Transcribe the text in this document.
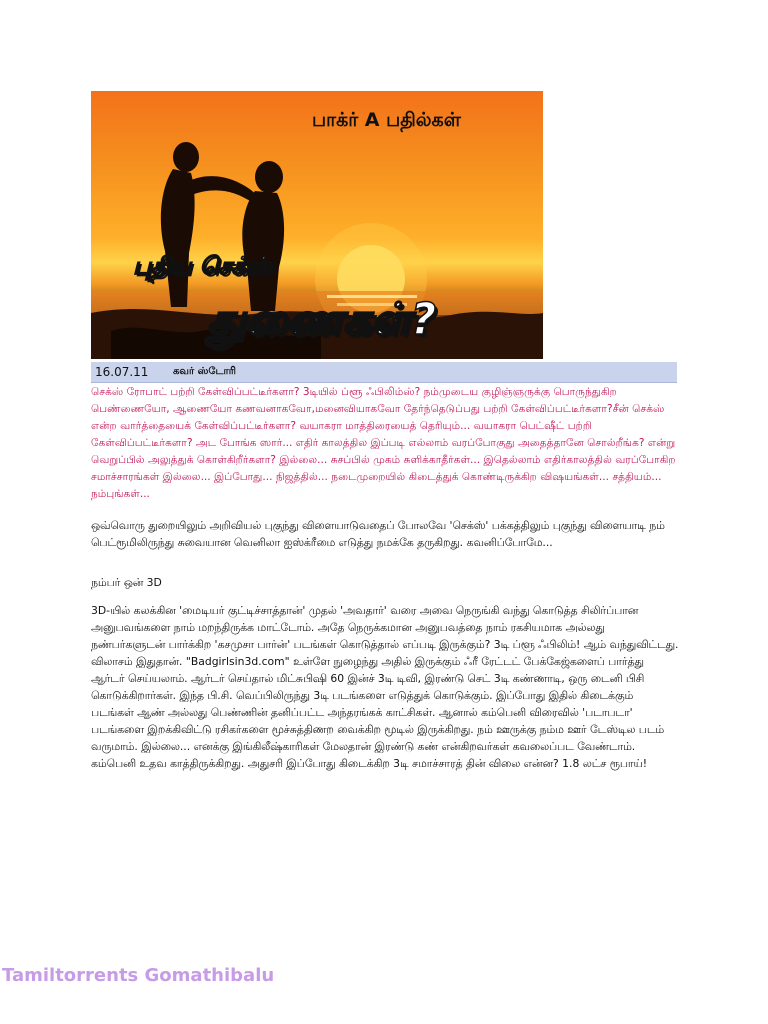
பாக்ர் A பதில்கள்
புதிய செக்ஸ்
துணைகள்?
16.07.11 கவர் ஸ்டோரி
செக்ஸ் ரோபாட் பற்றி கேள்விப்பட்டீர்களா? 3டியில் ப்ளூ ஃபிலிம்ஸ்? நம்முடைய குழிஞ்ஞருக்கு பொருந்துகிற பெண்ணையோ, ஆணையோ கணவனாகவோ,மனைவியாகவோ தேர்ந்தெடுப்பது பற்றி கேள்விப்பட்டீர்களா?சீன் செக்ஸ் என்ற வார்த்தையைக் கேள்விப்பட்டீர்களா? வயாகரா மாத்திரையைத் தெரியும்... வயாகரா பெட்ஷீட் பற்றி கேள்விப்பட்டீர்களா? அட போங்க ஸார்... எதிர் காலத்தில இப்படி எல்லாம் வரப்போகுது அதைத்தானே சொல்றீங்க? என்று வெறுப்பில் அலுத்துக் கொள்கிறீர்களா? இல்லை... சுசப்பில் முகம் சுளிக்காதீர்கள்... இதெல்லாம் எதிர்காலத்தில் வரப்போகிற சமாச்சாரங்கள் இல்லை... இப்போது... நிஜத்தில்... நடைமுறையில் கிடைத்துக் கொண்டிருக்கிற விஷயங்கள்... சத்தியம்... நம்புங்கள்...
ஒவ்வொரு துறையிலும் அறிவியல் புகுந்து விளையாடுவதைப் போலவே 'செக்ஸ்' பக்கத்திலும் புகுந்து விளையாடி நம் பெட்ரூமிலிருந்து சுவையான வெனிலா ஐஸ்க்ரீமை எடுத்து நமக்கே தருகிறது. கவனிப்போமே...
நம்பர் ஒன் 3D
3D-யில் கலக்கின 'மைடியர் குட்டிச்சாத்தான்' முதல் 'அவதார்' வரை அவை நெருங்கி வந்து கொடுத்த சிலிர்ப்பான அனுபவங்களை நாம் மறந்திருக்க மாட்டோம். அதே நெருக்கமான அனுபவத்தை நாம் ரகசியமாக அல்லது நண்பர்களுடன் பார்க்கிற 'கசமுசா பார்ன்' படங்கள் கொடுத்தால் எப்படி இருக்கும்? 3டி ப்ளூ ஃபிலிம்! ஆம் வந்துவிட்டது. விலாசம் இதுதான். "Badgirlsin3d.com" உள்ளே நுழைந்து அதில் இருக்கும் ஃரீ ரேட்டட் பேக்கேஜ்களைப் பார்த்து ஆர்டர் செய்யலாம். ஆர்டர் செய்தால் மிட்சுபிஷி 60 இன்ச் 3டி டிவி, இரண்டு செட் 3டி கண்ணாடி, ஒரு டைனி பிசி கொடுக்கிறார்கள். இந்த பி.சி. வெப்பிலிருந்து 3டி படங்களை எடுத்துக் கொடுக்கும். இப்போது இதில் கிடைக்கும் படங்கள் ஆண் அல்லது பெண்ணின் தனிப்பட்ட அந்தரங்கக் காட்சிகள். ஆனால் கம்பெனி விரைவில் 'படாபடா' படங்களை இறக்கிவிட்டு ரசிகர்களை மூச்சுத்திணற வைக்கிற மூடில் இருக்கிறது. நம் ஊருக்கு நம்ம ஊர் டேஸ்டில படம் வருமாம். இல்லை... எனக்கு இங்கிலீஷ்காரிகள் மேலதான் இரண்டு கண் என்கிறவர்கள் கவலைப்பட வேண்டாம். கம்பெனி உதவ காத்திருக்கிறது. அதுசரி இப்போது கிடைக்கிற 3டி சமாச்சாரத் தின் விலை என்ன? 1.8 லட்ச ரூபாய்!
Tamiltorrents Gomathibalu
